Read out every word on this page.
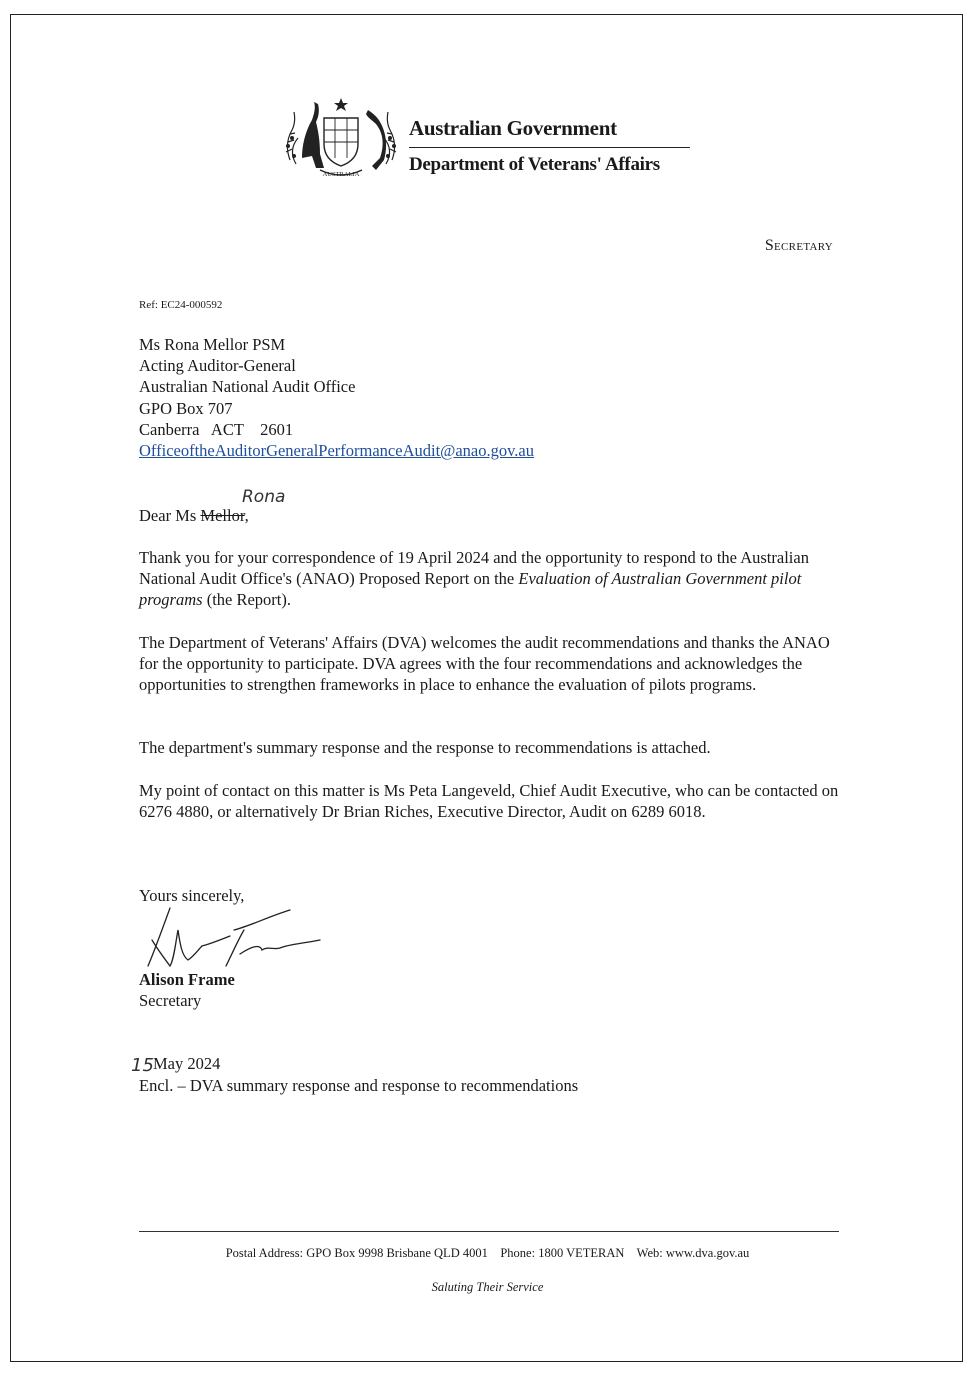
AUSTRALIA
Australian Government
Department of Veterans' Affairs
Secretary
Ref: EC24-000592
Ms Rona Mellor PSM
Acting Auditor-General
Australian National Audit Office
GPO Box 707
Canberra   ACT    2601
OfficeoftheAuditorGeneralPerformanceAudit@anao.gov.au
Rona
Dear Ms Mellor,
Thank you for your correspondence of 19 April 2024 and the opportunity to respond to the Australian National Audit Office's (ANAO) Proposed Report on the Evaluation of Australian Government pilot programs (the Report).
The Department of Veterans' Affairs (DVA) welcomes the audit recommendations and thanks the ANAO for the opportunity to participate. DVA agrees with the four recommendations and acknowledges the opportunities to strengthen frameworks in place to enhance the evaluation of pilots programs.
The department's summary response and the response to recommendations is attached.
My point of contact on this matter is Ms Peta Langeveld, Chief Audit Executive, who can be contacted on 6276 4880, or alternatively Dr Brian Riches, Executive Director, Audit on 6289 6018.
Yours sincerely,
Alison Frame
Secretary
15 May 2024
Encl. – DVA summary response and response to recommendations
Postal Address: GPO Box 9998 Brisbane QLD 4001    Phone: 1800 VETERAN    Web: www.dva.gov.au
Saluting Their Service
